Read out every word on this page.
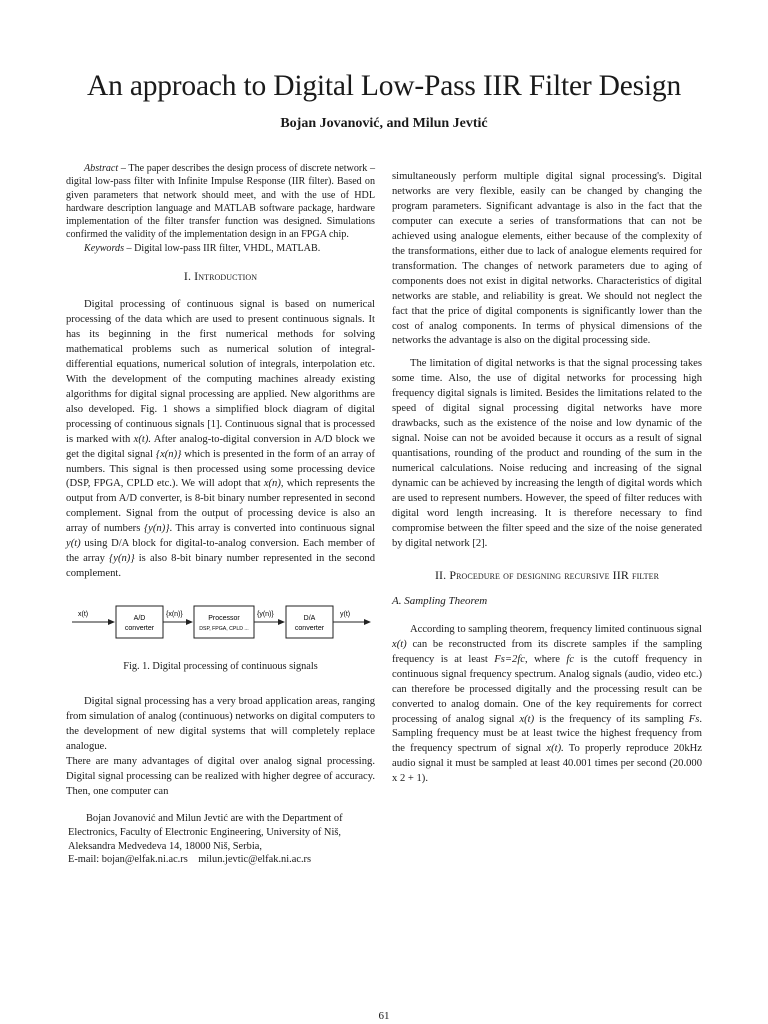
An approach to Digital Low-Pass IIR Filter Design
Bojan Jovanović, and Milun Jevtić

Abstract – The paper describes the design process of discrete network – digital low-pass filter with Infinite Impulse Response (IIR filter). Based on given parameters that network should meet, and with the use of HDL hardware description language and MATLAB software package, hardware implementation of the filter transfer function was designed. Simulations confirmed the validity of the implementation design in an FPGA chip.

Keywords – Digital low-pass IIR filter, VHDL, MATLAB.

I. Introduction

Digital processing of continuous signal is based on numerical processing of the data which are used to present continuous signals. It has its beginning in the first numerical methods for solving mathematical problems such as numerical solution of integral-differential equations, numerical solution of integrals, interpolation etc. With the development of the computing machines already existing algorithms for digital signal processing are applied. New algorithms are also developed. Fig. 1 shows a simplified block diagram of digital processing of continuous signals [1]. Continuous signal that is processed is marked with x(t). After analog-to-digital conversion in A/D block we get the digital signal {x(n)} which is presented in the form of an array of numbers. This signal is then processed using some processing device (DSP, FPGA, CPLD etc.). We will adopt that x(n), which represents the output from A/D converter, is 8-bit binary number represented in second complement. Signal from the output of processing device is also an array of numbers {y(n)}. This array is converted into continuous signal y(t) using D/A block for digital-to-analog conversion. Each member of the array {y(n)} is also 8-bit binary number represented in the second complement.

x(t)
A/D
converter
{x(n)}
Processor
DSP, FPGA, CPLD ...
{y(n)}
D/A
converter
y(t)
Fig. 1. Digital processing of continuous signals

Digital signal processing has a very broad application areas, ranging from simulation of analog (continuous) networks on digital computers to the development of new digital systems that will completely replace analogue.

There are many advantages of digital over analog signal processing. Digital signal processing can be realized with higher degree of accuracy. Then, one computer can

Bojan Jovanović and Milun Jevtić are with the Department of Electronics, Faculty of Electronic Engineering, University of Niš, Aleksandra Medvedeva 14, 18000 Niš, Serbia,

E-mail: bojan@elfak.ni.ac.rs milun.jevtic@elfak.ni.ac.rs

simultaneously perform multiple digital signal processing's. Digital networks are very flexible, easily can be changed by changing the program parameters. Significant advantage is also in the fact that the computer can execute a series of transformations that can not be achieved using analogue elements, either because of the complexity of the transformations, either due to lack of analogue elements required for transformation. The changes of network parameters due to aging of components does not exist in digital networks. Characteristics of digital networks are stable, and reliability is great. We should not neglect the fact that the price of digital components is significantly lower than the cost of analog components. In terms of physical dimensions of the networks the advantage is also on the digital processing side.

The limitation of digital networks is that the signal processing takes some time. Also, the use of digital networks for processing high frequency digital signals is limited. Besides the limitations related to the speed of digital signal processing digital networks have more drawbacks, such as the existence of the noise and low dynamic of the signal. Noise can not be avoided because it occurs as a result of signal quantisations, rounding of the product and rounding of the sum in the numerical calculations. Noise reducing and increasing of the signal dynamic can be achieved by increasing the length of digital words which are used to represent numbers. However, the speed of filter reduces with digital word length increasing. It is therefore necessary to find compromise between the filter speed and the size of the noise generated by digital network [2].

II. Procedure of designing recursive IIR filter
A. Sampling Theorem

According to sampling theorem, frequency limited continuous signal x(t) can be reconstructed from its discrete samples if the sampling frequency is at least Fs=2fc, where fc is the cutoff frequency in continuous signal frequency spectrum. Analog signals (audio, video etc.) can therefore be processed digitally and the processing result can be converted to analog domain. One of the key requirements for correct processing of analog signal x(t) is the frequency of its sampling Fs. Sampling frequency must be at least twice the highest frequency from the frequency spectrum of signal x(t). To properly reproduce 20kHz audio signal it must be sampled at least 40.001 times per second (20.000 x 2 + 1).

61
